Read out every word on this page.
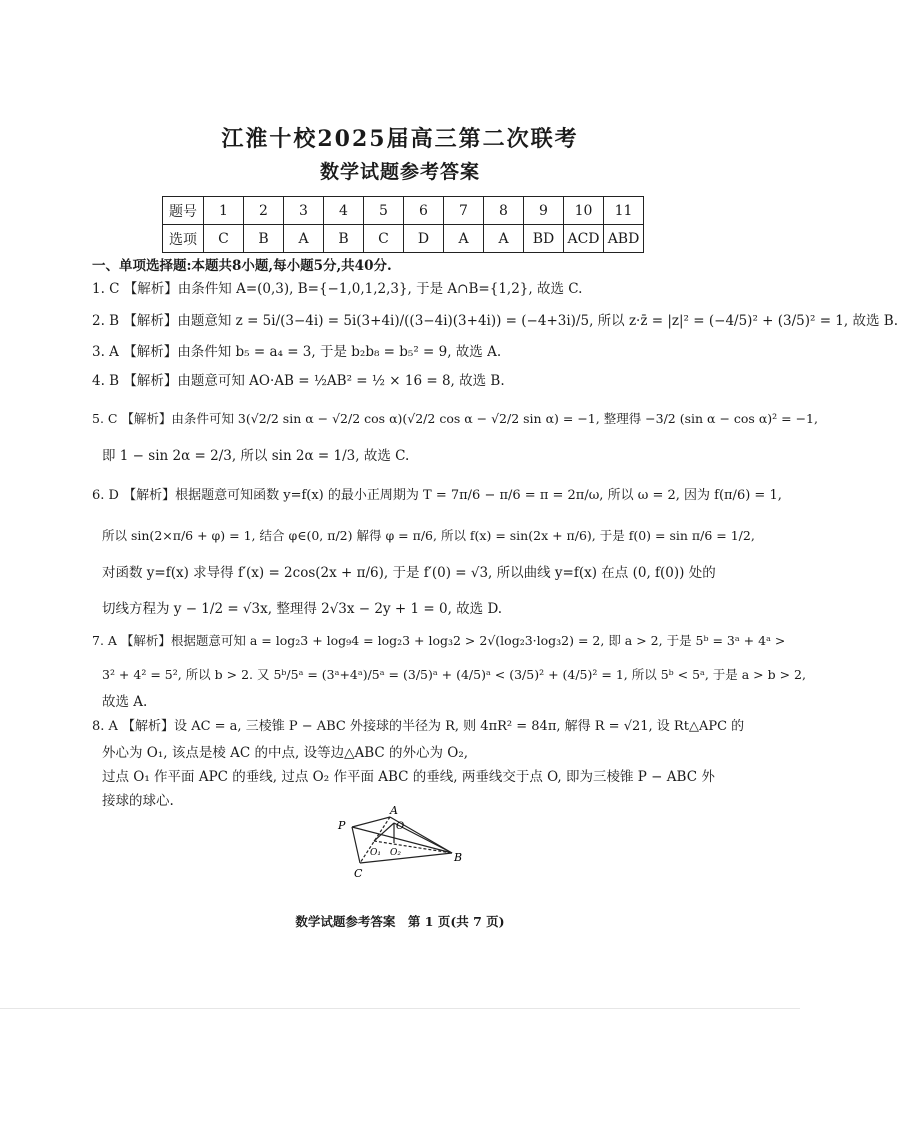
江淮十校2025届高三第二次联考
数学试题参考答案
题号	1	2	3	4	5	6	7	8	9	10	11
选项	C	B	A	B	C	D	A	A	BD	ACD	ABD
一、单项选择题:本题共8小题,每小题5分,共40分.
1. C 【解析】由条件知 A=(0,3), B={−1,0,1,2,3}, 于是 A∩B={1,2}, 故选 C.
2. B 【解析】由题意知 z = 5i/(3−4i) = 5i(3+4i)/((3−4i)(3+4i)) = (−4+3i)/5, 所以 z·z̄ = |z|² = (−4/5)² + (3/5)² = 1, 故选 B.
3. A 【解析】由条件知 b₅ = a₄ = 3, 于是 b₂b₈ = b₅² = 9, 故选 A.
4. B 【解析】由题意可知 AO·AB = ½AB² = ½ × 16 = 8, 故选 B.
5. C 【解析】由条件可知 3(√2/2 sin α − √2/2 cos α)(√2/2 cos α − √2/2 sin α) = −1, 整理得 −3/2 (sin α − cos α)² = −1,
即 1 − sin 2α = 2/3, 所以 sin 2α = 1/3, 故选 C.
6. D 【解析】根据题意可知函数 y=f(x) 的最小正周期为 T = 7π/6 − π/6 = π = 2π/ω, 所以 ω = 2, 因为 f(π/6) = 1,
所以 sin(2×π/6 + φ) = 1, 结合 φ∈(0, π/2) 解得 φ = π/6, 所以 f(x) = sin(2x + π/6), 于是 f(0) = sin π/6 = 1/2,
对函数 y=f(x) 求导得 f′(x) = 2cos(2x + π/6), 于是 f′(0) = √3, 所以曲线 y=f(x) 在点 (0, f(0)) 处的
切线方程为 y − 1/2 = √3x, 整理得 2√3x − 2y + 1 = 0, 故选 D.
7. A 【解析】根据题意可知 a = log₂3 + log₉4 = log₂3 + log₃2 > 2√(log₂3·log₃2) = 2, 即 a > 2, 于是 5ᵇ = 3ᵃ + 4ᵃ >
3² + 4² = 5², 所以 b > 2. 又 5ᵇ/5ᵃ = (3ᵃ+4ᵃ)/5ᵃ = (3/5)ᵃ + (4/5)ᵃ < (3/5)² + (4/5)² = 1, 所以 5ᵇ < 5ᵃ, 于是 a > b > 2,
故选 A.
8. A 【解析】设 AC = a, 三棱锥 P − ABC 外接球的半径为 R, 则 4πR² = 84π, 解得 R = √21, 设 Rt△APC 的
外心为 O₁, 该点是棱 AC 的中点, 设等边△ABC 的外心为 O₂,
过点 O₁ 作平面 APC 的垂线, 过点 O₂ 作平面 ABC 的垂线, 两垂线交于点 O, 即为三棱锥 P − ABC 外
接球的球心.
P
A
B
C
O
O₁ O₂
数学试题参考答案　第 1 页(共 7 页)
